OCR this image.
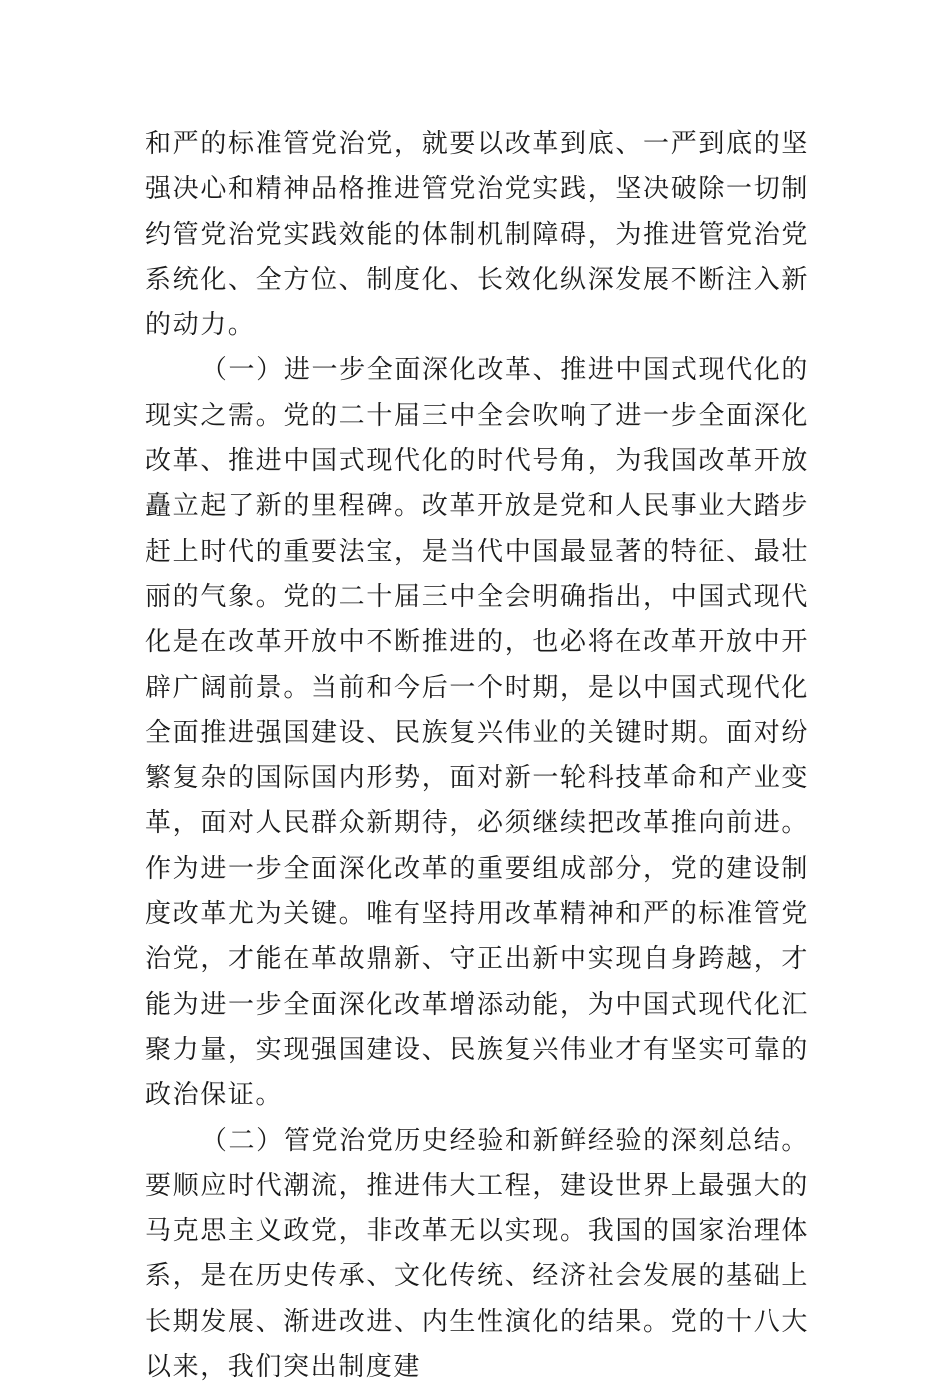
和严的标准管党治党，就要以改革到底、一严到底的坚强决心和精神品格推进管党治党实践，坚决破除一切制约管党治党实践效能的体制机制障碍，为推进管党治党系统化、全方位、制度化、长效化纵深发展不断注入新的动力。

（一）进一步全面深化改革、推进中国式现代化的现实之需。党的二十届三中全会吹响了进一步全面深化改革、推进中国式现代化的时代号角，为我国改革开放矗立起了新的里程碑。改革开放是党和人民事业大踏步赶上时代的重要法宝，是当代中国最显著的特征、最壮丽的气象。党的二十届三中全会明确指出，中国式现代化是在改革开放中不断推进的，也必将在改革开放中开辟广阔前景。当前和今后一个时期，是以中国式现代化全面推进强国建设、民族复兴伟业的关键时期。面对纷繁复杂的国际国内形势，面对新一轮科技革命和产业变革，面对人民群众新期待，必须继续把改革推向前进。作为进一步全面深化改革的重要组成部分，党的建设制度改革尤为关键。唯有坚持用改革精神和严的标准管党治党，才能在革故鼎新、守正出新中实现自身跨越，才能为进一步全面深化改革增添动能，为中国式现代化汇聚力量，实现强国建设、民族复兴伟业才有坚实可靠的政治保证。

（二）管党治党历史经验和新鲜经验的深刻总结。要顺应时代潮流，推进伟大工程，建设世界上最强大的马克思主义政党，非改革无以实现。我国的国家治理体系，是在历史传承、文化传统、经济社会发展的基础上长期发展、渐进改进、内生性演化的结果。党的十八大以来，我们突出制度建
